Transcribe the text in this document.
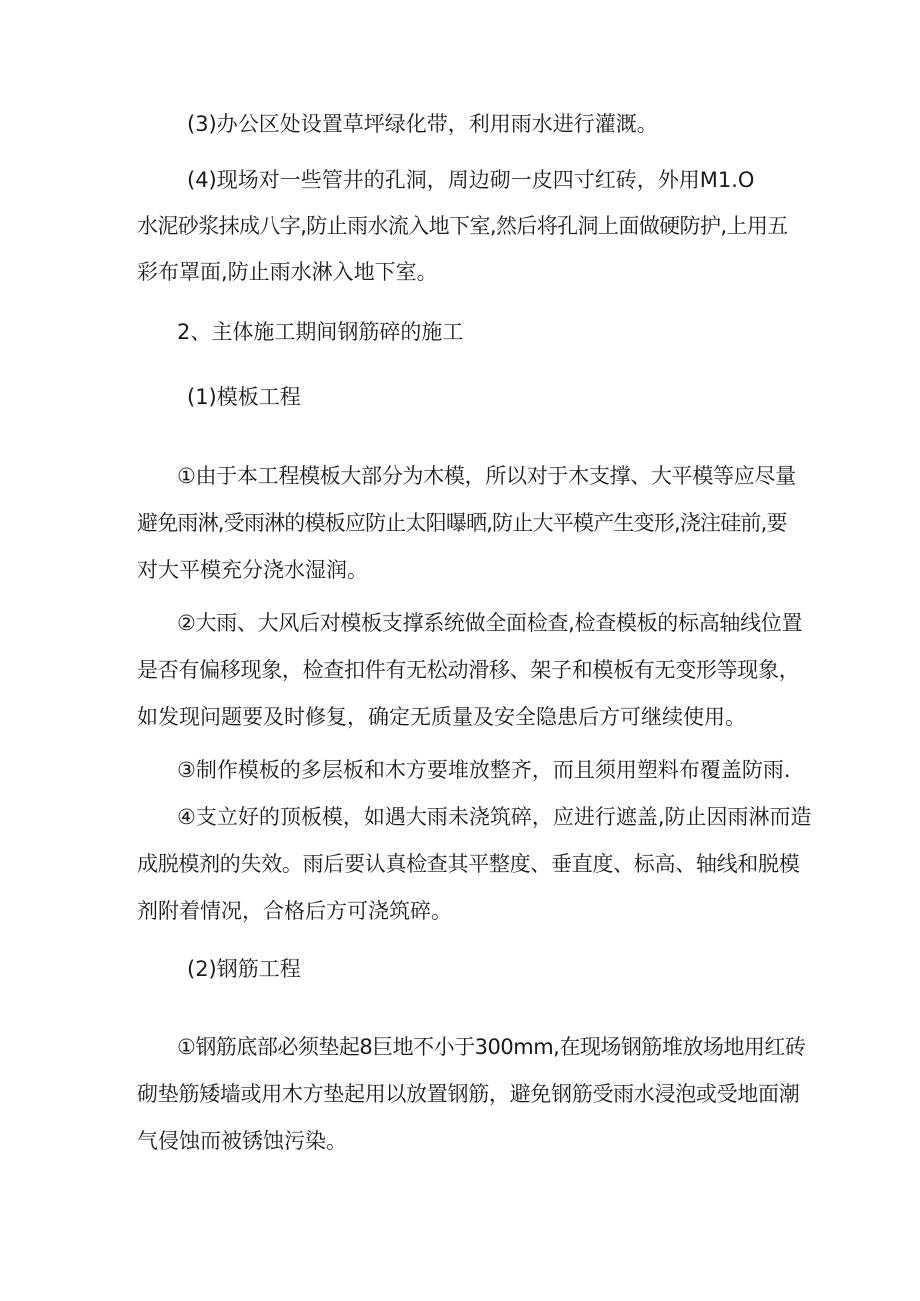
(3)办公区处设置草坪绿化带，利用雨水进行灌溉。
(4)现场对一些管井的孔洞，周边砌一皮四寸红砖，外用M1.O
水泥砂浆抹成八字,防止雨水流入地下室,然后将孔洞上面做硬防护,上用五
彩布罩面,防止雨水淋入地下室。
2、主体施工期间钢筋碎的施工
(1)模板工程
①由于本工程模板大部分为木模，所以对于木支撑、大平模等应尽量
避免雨淋,受雨淋的模板应防止太阳曝晒,防止大平模产生变形,浇注硅前,要
对大平模充分浇水湿润。
②大雨、大风后对模板支撑系统做全面检查,检查模板的标高轴线位置
是否有偏移现象，检查扣件有无松动滑移、架子和模板有无变形等现象，
如发现问题要及时修复，确定无质量及安全隐患后方可继续使用。
③制作模板的多层板和木方要堆放整齐，而且须用塑料布覆盖防雨.
④支立好的顶板模，如遇大雨未浇筑碎，应进行遮盖,防止因雨淋而造
成脱模剂的失效。雨后要认真检查其平整度、垂直度、标高、轴线和脱模
剂附着情况，合格后方可浇筑碎。
(2)钢筋工程
①钢筋底部必须垫起8巨地不小于300mm,在现场钢筋堆放场地用红砖
砌垫筋矮墙或用木方垫起用以放置钢筋，避免钢筋受雨水浸泡或受地面潮
气侵蚀而被锈蚀污染。
